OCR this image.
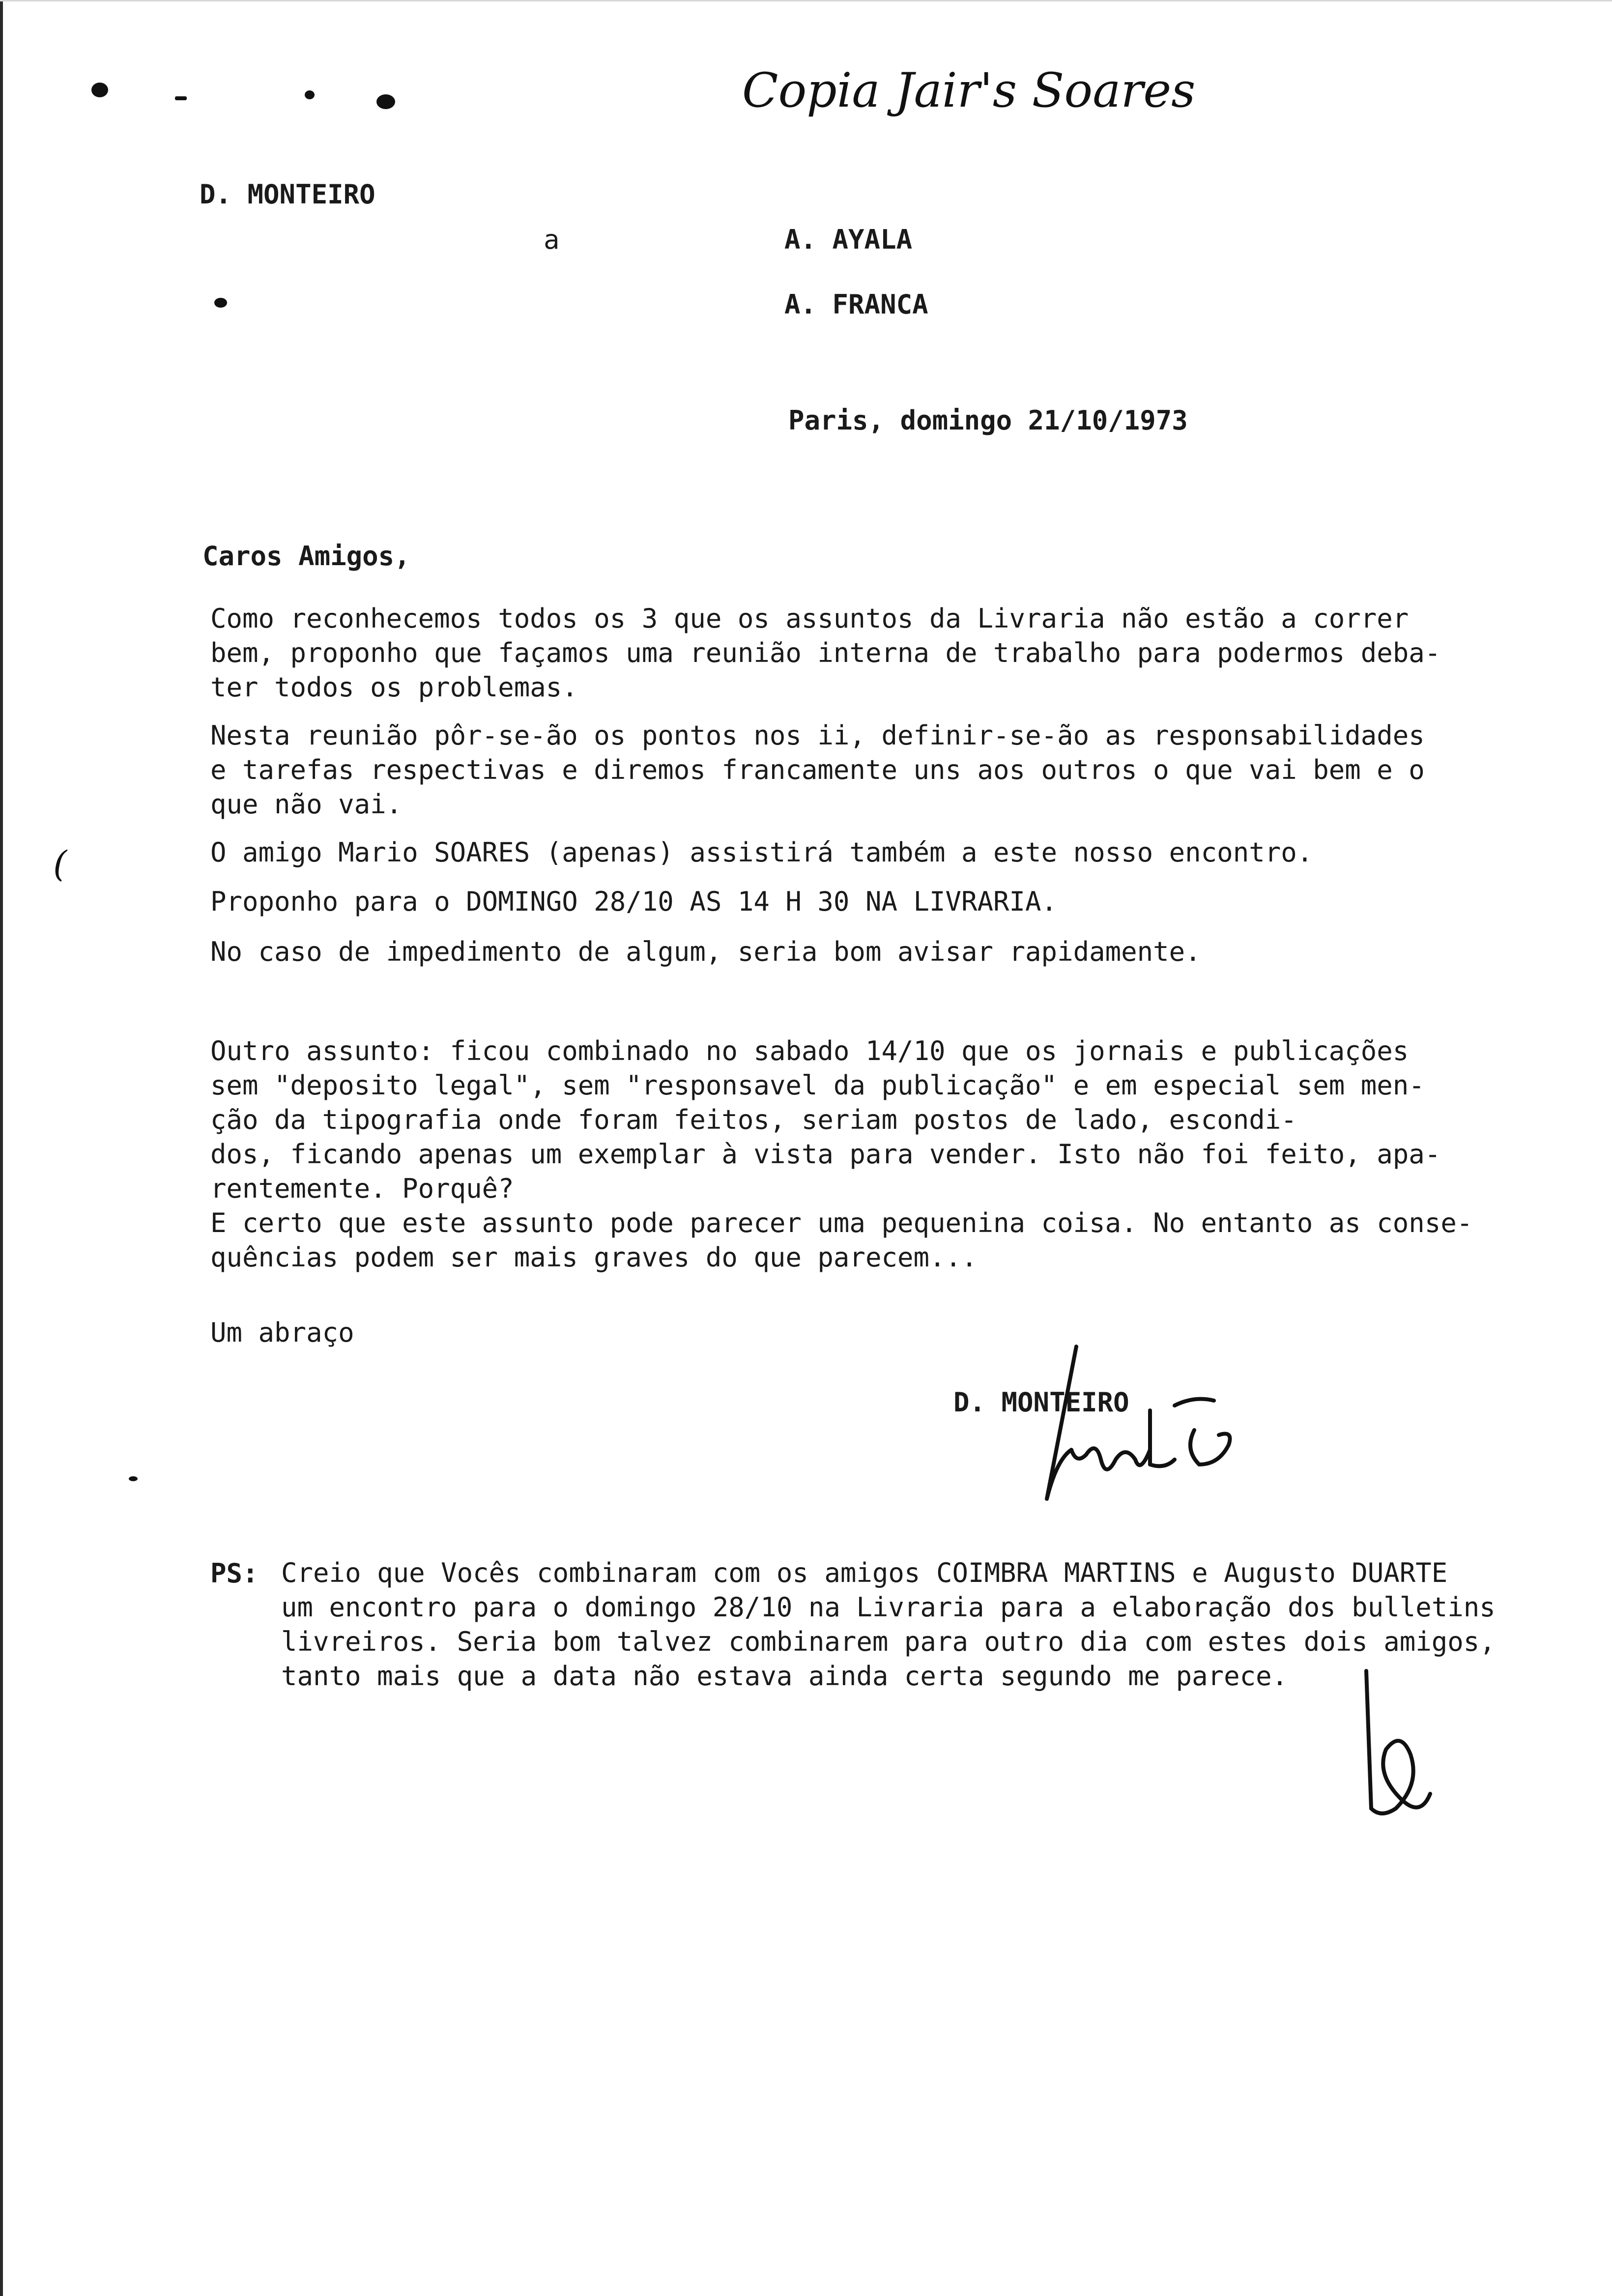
Copia Jair's Soares
D. MONTEIRO
a	A. AYALA
A. FRANCA
Paris, domingo 21/10/1973
Caros Amigos,
Como reconhecemos todos os 3 que os assuntos da Livraria não estão a correr
bem, proponho que façamos uma reunião interna de trabalho para podermos deba-
ter todos os problemas.
Nesta reunião pôr-se-ão os pontos nos ii, definir-se-ão as responsabilidades
e tarefas respectivas e diremos francamente uns aos outros o que vai bem e o
que não vai.
O amigo Mario SOARES (apenas) assistirá também a este nosso encontro.
Proponho para o DOMINGO 28/10 AS 14 H 30 NA LIVRARIA.
No caso de impedimento de algum, seria bom avisar rapidamente.
Outro assunto: ficou combinado no sabado 14/10 que os jornais e publicações
sem "deposito legal", sem "responsavel da publicação" e em especial sem men-
ção da tipografia onde foram feitos, seriam postos de lado, escondi-
dos, ficando apenas um exemplar à vista para vender. Isto não foi feito, apa-
rentemente. Porquê?
E certo que este assunto pode parecer uma pequenina coisa. No entanto as conse-
quências podem ser mais graves do que parecem...
Um abraço
D. MONTEIRO
PS: Creio que Vocês combinaram com os amigos COIMBRA MARTINS e Augusto DUARTE
um encontro para o domingo 28/10 na Livraria para a elaboração dos bulletins
livreiros. Seria bom talvez combinarem para outro dia com estes dois amigos,
tanto mais que a data não estava ainda certa segundo me parece.
(
